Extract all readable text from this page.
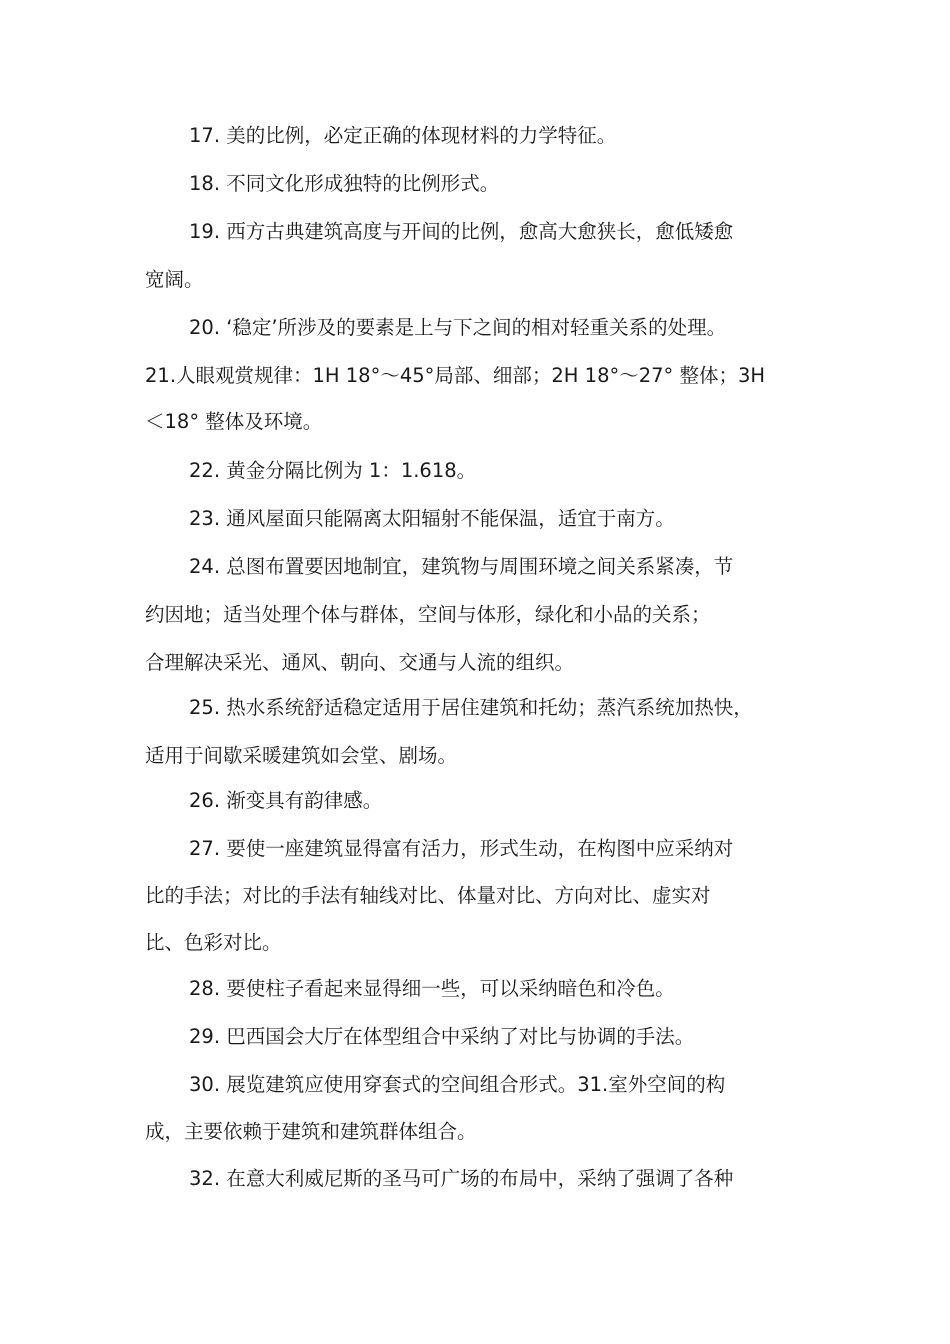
17. 美的比例，必定正确的体现材料的力学特征。
18. 不同文化形成独特的比例形式。
19. 西方古典建筑高度与开间的比例，愈高大愈狭长，愈低矮愈
宽阔。
20. ‘稳定’所涉及的要素是上与下之间的相对轻重关系的处理。
21.人眼观赏规律：1H 18°～45°局部、细部；2H 18°～27° 整体；3H
＜18° 整体及环境。
22. 黄金分隔比例为 1：1.618。
23. 通风屋面只能隔离太阳辐射不能保温，适宜于南方。
24. 总图布置要因地制宜，建筑物与周围环境之间关系紧凑，节
约因地；适当处理个体与群体，空间与体形，绿化和小品的关系；
合理解决采光、通风、朝向、交通与人流的组织。
25. 热水系统舒适稳定适用于居住建筑和托幼；蒸汽系统加热快，
适用于间歇采暖建筑如会堂、剧场。
26. 渐变具有韵律感。
27. 要使一座建筑显得富有活力，形式生动，在构图中应采纳对
比的手法；对比的手法有轴线对比、体量对比、方向对比、虚实对
比、色彩对比。
28. 要使柱子看起来显得细一些，可以采纳暗色和冷色。
29. 巴西国会大厅在体型组合中采纳了对比与协调的手法。
30. 展览建筑应使用穿套式的空间组合形式。31.室外空间的构
成，主要依赖于建筑和建筑群体组合。
32. 在意大利威尼斯的圣马可广场的布局中，采纳了强调了各种
